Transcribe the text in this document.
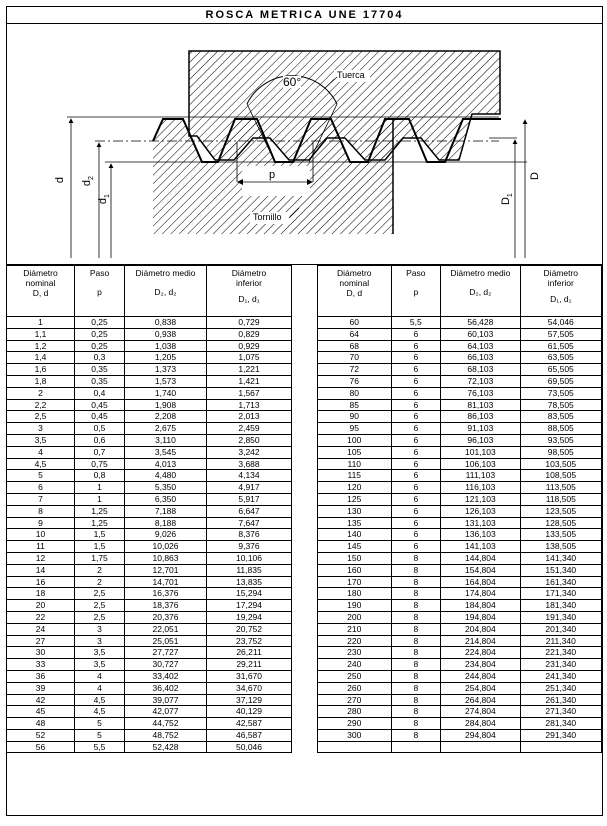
ROSCA METRICA UNE 17704
60°	Tuerca
Tornillo
p
d $d_2$
$d_1$
$D_1$
D
Diámetro
nominal
D, d	Paso
p	Diámetro medio
D₂, d₂	Diámetro
inferior
D₁, d₁

1	0,25	0,838	0,729
1,1	0,25	0,938	0,829
1,2	0,25	1,038	0,929
1,4	0,3	1,205	1,075
1,6	0,35	1,373	1,221
1,8	0,35	1,573	1,421
2	0,4	1,740	1,567
2,2	0,45	1,908	1,713
2,5	0,45	2,208	2,013
3	0,5	2,675	2,459
3,5	0,6	3,110	2,850
4	0,7	3,545	3,242
4,5	0,75	4,013	3,688
5	0,8	4,480	4,134
6	1	5,350	4,917
7	1	6,350	5,917
8	1,25	7,188	6,647
9	1,25	8,188	7,647
10	1,5	9,026	8,376
11	1,5	10,026	9,376
12	1,75	10,863	10,106
14	2	12,701	11,835
16	2	14,701	13,835
18	2,5	16,376	15,294
20	2,5	18,376	17,294
22	2,5	20,376	19,294
24	3	22,051	20,752
27	3	25,051	23,752
30	3,5	27,727	26,211
33	3,5	30,727	29,211
36	4	33,402	31,670
39	4	36,402	34,670
42	4,5	39,077	37,129
45	4,5	42,077	40,129
48	5	44,752	42,587
52	5	48,752	46,587
56	5,5	52,428	50,046
Diámetro
nominal
D, d	Paso
p	Diámetro medio
D₂, d₂	Diámetro
inferior
D₁, d₁

60	5,5	56,428	54,046
64	6	60,103	57,505
68	6	64,103	61,505
70	6	66,103	63,505
72	6	68,103	65,505
76	6	72,103	69,505
80	6	76,103	73,505
85	6	81,103	78,505
90	6	86,103	83,505
95	6	91,103	88,505
100	6	96,103	93,505
105	6	101,103	98,505
110	6	106,103	103,505
115	6	111,103	108,505
120	6	116,103	113,505
125	6	121,103	118,505
130	6	126,103	123,505
135	6	131,103	128,505
140	6	136,103	133,505
145	6	141,103	138,505
150	8	144,804	141,340
160	8	154,804	151,340
170	8	164,804	161,340
180	8	174,804	171,340
190	8	184,804	181,340
200	8	194,804	191,340
210	8	204,804	201,340
220	8	214,804	211,340
230	8	224,804	221,340
240	8	234,804	231,340
250	8	244,804	241,340
260	8	254,804	251,340
270	8	264,804	261,340
280	8	274,804	271,340
290	8	284,804	281,340
300	8	294,804	291,340
